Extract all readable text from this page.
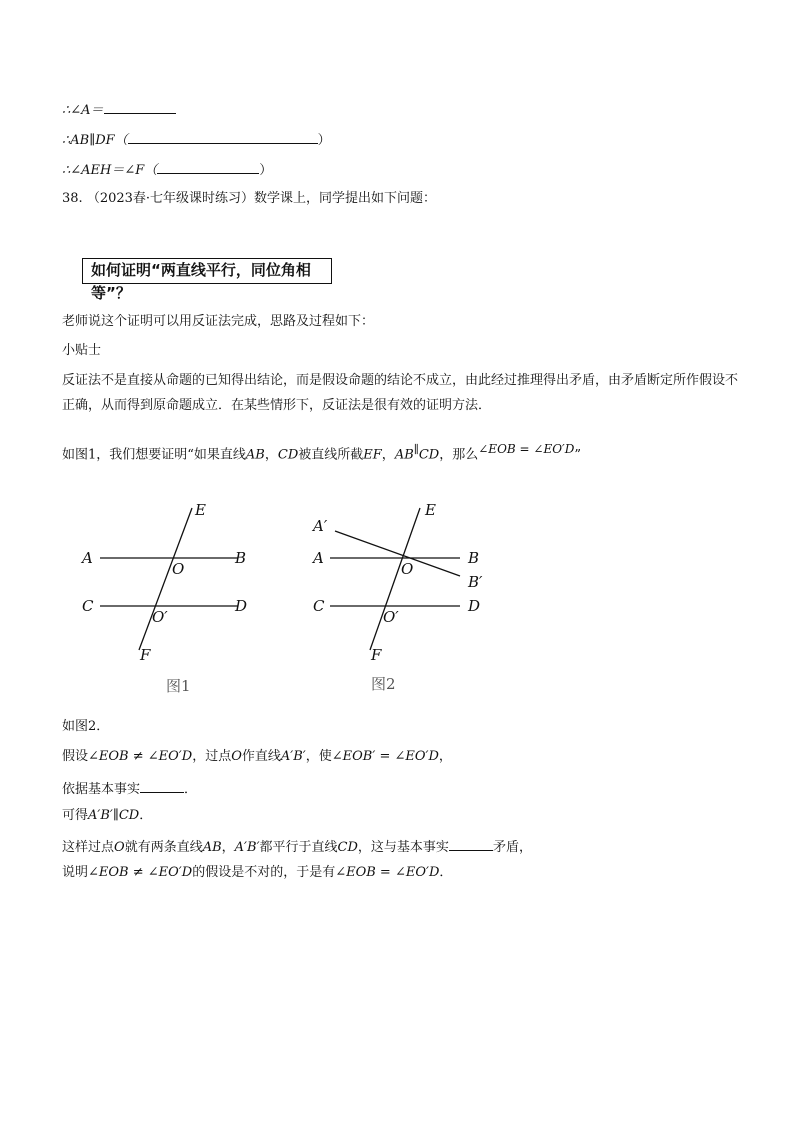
∴∠A＝
∴AB∥DF（	）
∴∠AEH＝∠F（	）
38. （2023春·七年级课时练习）数学课上，同学提出如下问题：
如何证明“两直线平行，同位角相等”？
老师说这个证明可以用反证法完成，思路及过程如下：
小贴士
反证法不是直接从命题的已知得出结论，而是假设命题的结论不成立，由此经过推理得出矛盾，由矛盾断定所作假设不正确，从而得到原命题成立．在某些情形下，反证法是很有效的证明方法．
如图1，我们想要证明“如果直线AB，CD被直线所截EF，AB∥CD，那么$^{\angle EOB = \angle EO'D}$”
E
A	B
O
C	D
O′
F
图1
E
A′
A	B
B′
O
C	D
O′
F
图2
如图2．
假设∠EOB ≠ ∠EO′D，过点O作直线A′B′，使∠EOB′ = ∠EO′D，
依据基本事实	．
可得A′B′∥CD．
这样过点O就有两条直线AB，A′B′都平行于直线CD，这与基本事实	矛盾，
说明∠EOB ≠ ∠EO′D的假设是不对的，于是有∠EOB = ∠EO′D．
